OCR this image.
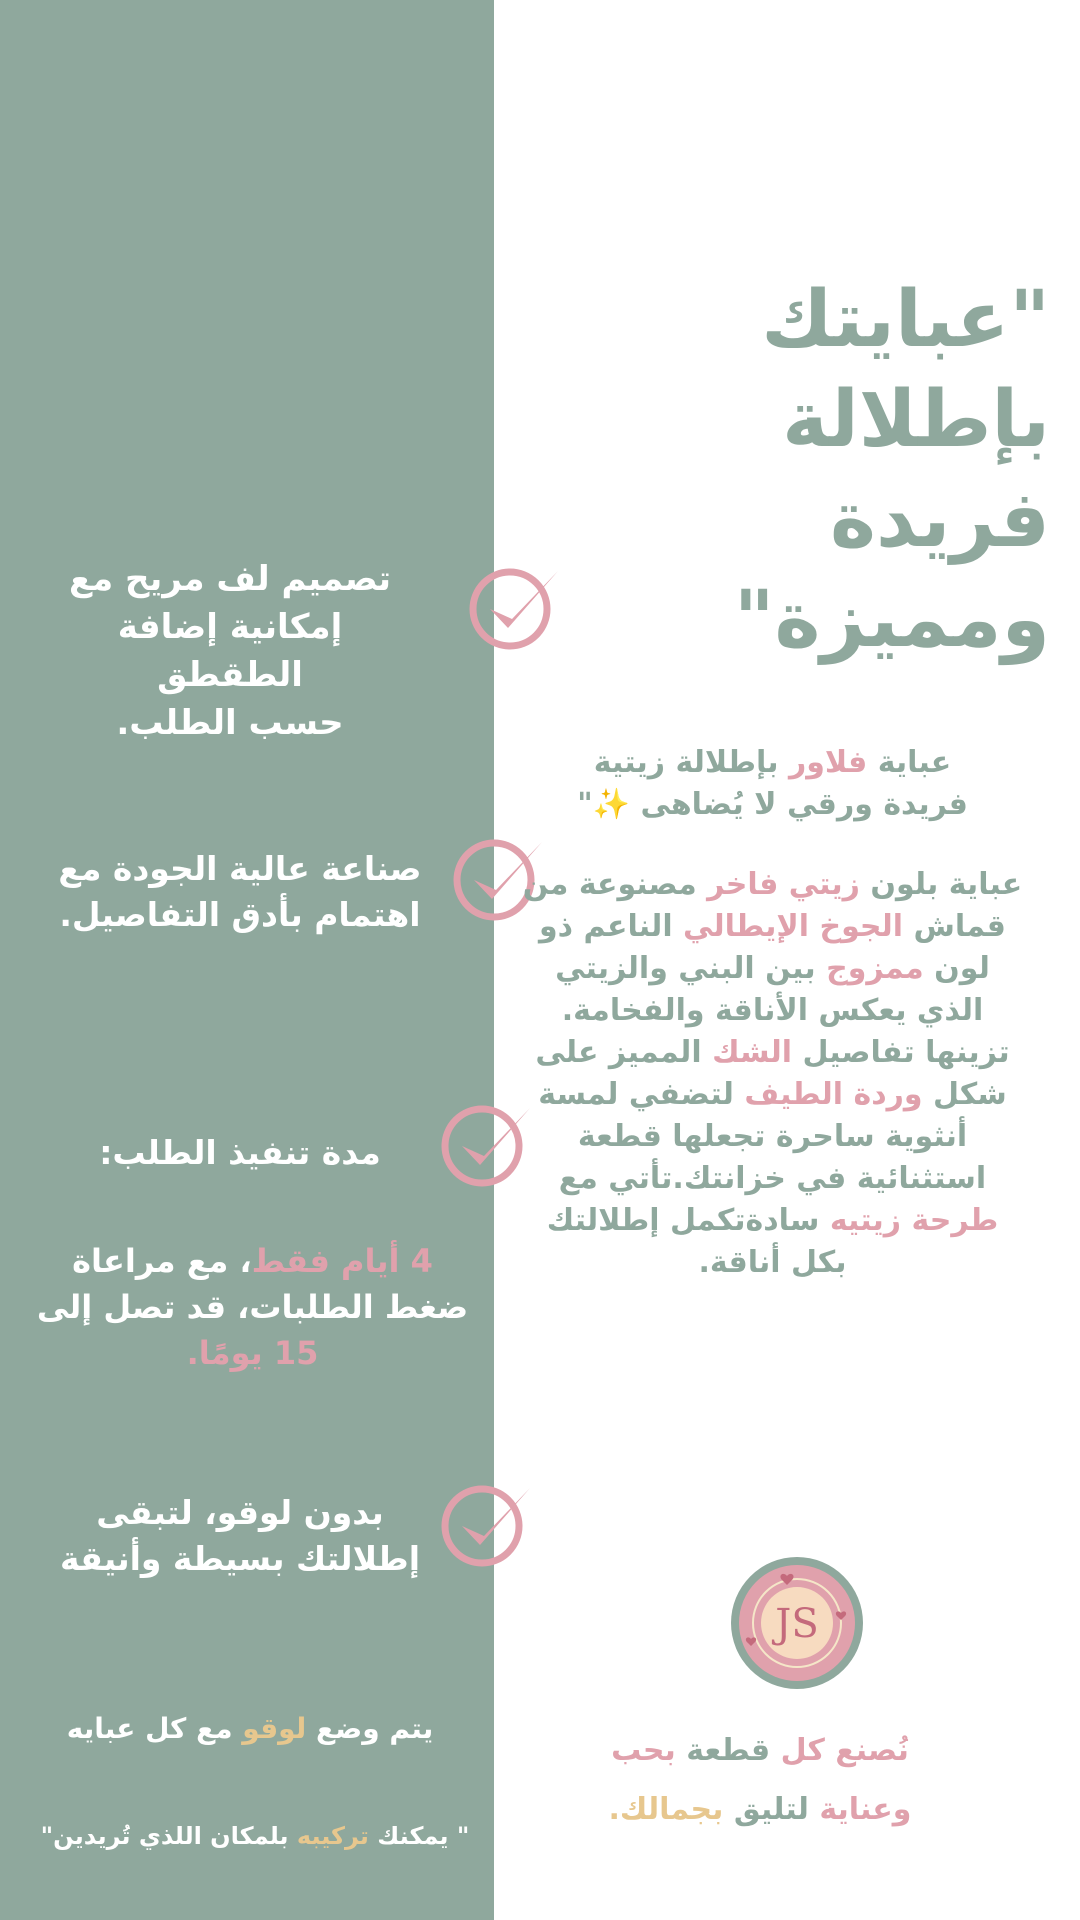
"عبايتك بإطلالة
فريدة ومميزة"
تصميم لف مريح مع
إمكانية إضافة الطقطق
حسب الطلب.
صناعة عالية الجودة مع
اهتمام بأدق التفاصيل.
مدة تنفيذ الطلب:
4 أيام فقط، مع مراعاة ضغط الطلبات، قد تصل إلى 15 يومًا.
بدون لوقو، لتبقى
إطلالتك بسيطة وأنيقة
يتم وضع لوقو مع كل عبايه
" يمكنك تركيبه بلمكان اللذي تُريدين"
عباية فلاور بإطلالة زيتية فريدة ورقي لا يُضاهى ✨"
عباية بلون زيتي فاخر مصنوعة من قماش الجوخ الإيطالي الناعم ذو لون ممزوج بين البني والزيتي الذي يعكس الأناقة والفخامة. تزينها تفاصيل الشك المميز على شكل وردة الطيف لتضفي لمسة أنثوية ساحرة تجعلها قطعة استثنائية في خزانتك.تأتي مع طرحة زيتيه سادةتكمل إطلالتك بكل أناقة.
JS
نُصنع كل قطعة بحب
وعناية لتليق بجمالك.
